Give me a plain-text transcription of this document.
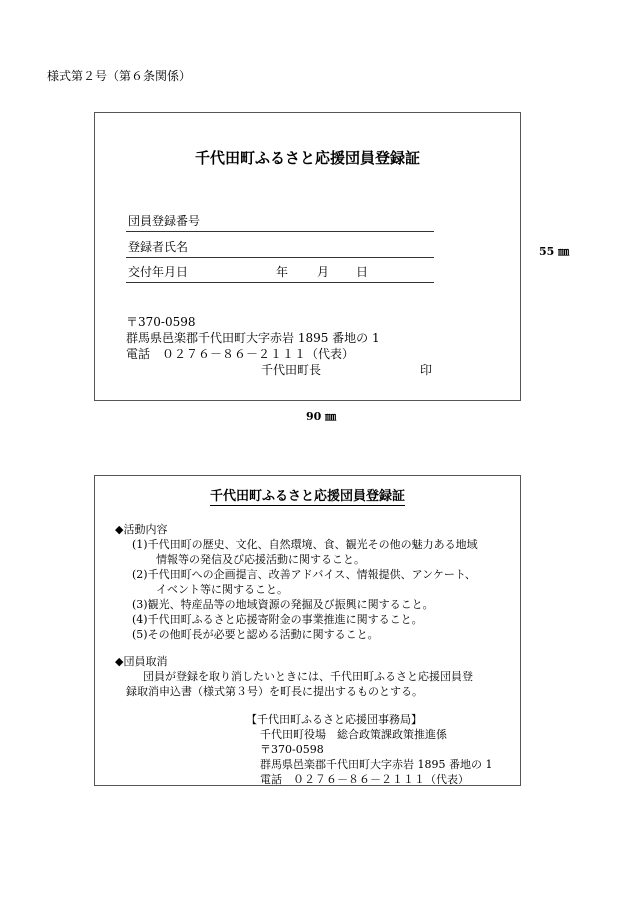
様式第２号（第６条関係）
千代田町ふるさと応援団員登録証
団員登録番号
登録者氏名
交付年月日	年 月 日
〒370-0598
群馬県邑楽郡千代田町大字赤岩 1895 番地の 1
電話　０２７６－８６－２１１１（代表）
千代田町長	印
55 ㎜
90 ㎜
千代田町ふるさと応援団員登録証
◆活動内容
(1)千代田町の歴史、文化、自然環境、食、観光その他の魅力ある地域
情報等の発信及び応援活動に関すること。
(2)千代田町への企画提言、改善アドバイス、情報提供、アンケート、
イベント等に関すること。
(3)観光、特産品等の地域資源の発掘及び振興に関すること。
(4)千代田町ふるさと応援寄附金の事業推進に関すること。
(5)その他町長が必要と認める活動に関すること。
◆団員取消
団員が登録を取り消したいときには、千代田町ふるさと応援団員登
録取消申込書（様式第３号）を町長に提出するものとする。
【千代田町ふるさと応援団事務局】
千代田町役場　総合政策課政策推進係
〒370-0598
群馬県邑楽郡千代田町大字赤岩 1895 番地の 1
電話　０２７６－８６－２１１１（代表）
